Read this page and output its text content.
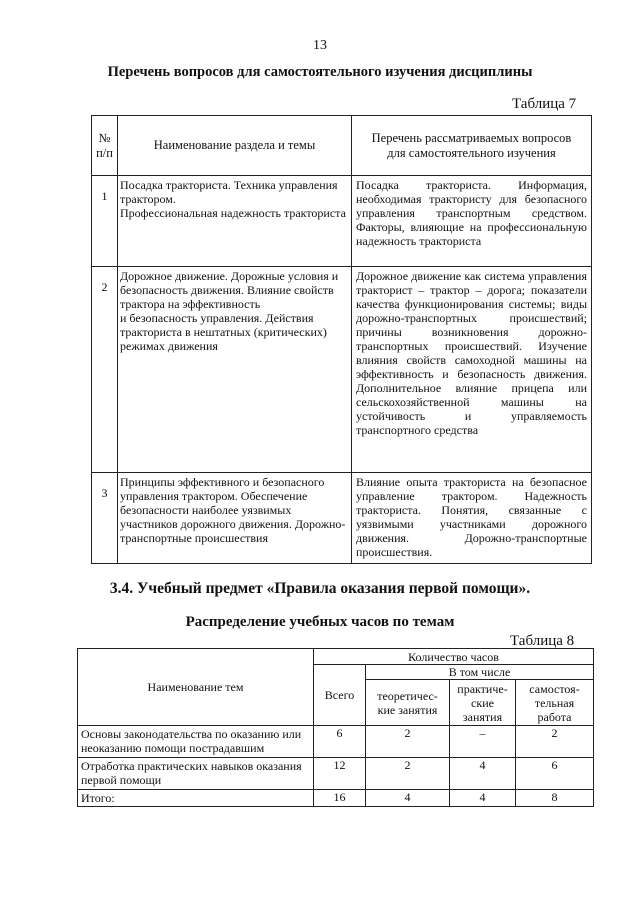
13
Перечень вопросов для самостоятельного изучения дисциплины
Таблица 7
№ п/п	Наименование раздела и темы	Перечень рассматриваемых вопросов для самостоятельного изучения

1	Посадка тракториста. Техника управления трактором.
Профессиональная надежность тракториста	Посадка тракториста. Информация, необходимая трактористу для безопасного управления транспортным средством. Факторы, влияющие на профессиональную надежность тракториста

2	Дорожное движение. Дорожные условия и безопасность движения. Влияние свойств трактора на эффективность
и безопасность управления. Действия тракториста в нештатных (критических) режимах движения	Дорожное движение как система управления тракторист – трактор – дорога; показатели качества функционирования системы; виды дорожно-транспортных происшествий; причины возникновения дорожно-транспортных происшествий. Изучение влияния свойств самоходной машины на эффективность и безопасность движения. Дополнительное влияние прицепа или сельскохозяйственной машины на устойчивость и управляемость транспортного средства

3	Принципы эффективного и безопасного управления трактором. Обеспечение безопасности наиболее уязвимых участников дорожного движения. Дорожно-транспортные происшествия	Влияние опыта тракториста на безопасное управление трактором. Надежность тракториста. Понятия, связанные с уязвимыми участниками дорожного движения. Дорожно-транспортные происшествия.
3.4. Учебный предмет «Правила оказания первой помощи».
Распределение учебных часов по темам
Таблица 8
Наименование тем	Количество часов			
	Всего	В том числе		
		теоретичес-кие занятия	практиче-ские занятия	самостоя-тельная работа
Основы законодательства по оказанию или неоказанию помощи пострадавшим	6	2	–	2
Отработка практических навыков оказания первой помощи	12	2	4	6
Итого:	16	4	4	8
